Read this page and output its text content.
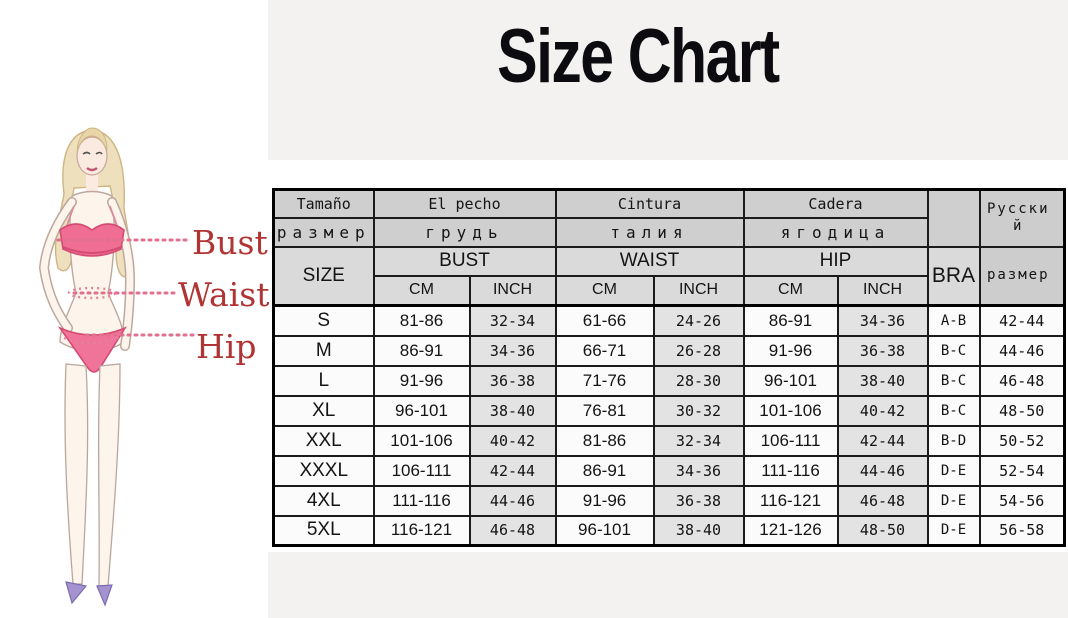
Size Chart
Bust
Waist
Hip
Tamaño	El pecho		Cintura		Cadera			Русский

размер	грудь		талия		ягодица			
SIZE	BUST		WAIST		HIP		BRA	размер

	CM	INCH	CM	INCH	CM	INCH		
S	81-86	32-34	61-66	24-26	86-91	34-36	A-B	42-44
M	86-91	34-36	66-71	26-28	91-96	36-38	B-C	44-46
L	91-96	36-38	71-76	28-30	96-101	38-40	B-C	46-48
XL	96-101	38-40	76-81	30-32	101-106	40-42	B-C	48-50
XXL	101-106	40-42	81-86	32-34	106-111	42-44	B-D	50-52
XXXL	106-111	42-44	86-91	34-36	111-116	44-46	D-E	52-54
4XL	111-116	44-46	91-96	36-38	116-121	46-48	D-E	54-56
5XL	116-121	46-48	96-101	38-40	121-126	48-50	D-E	56-58
